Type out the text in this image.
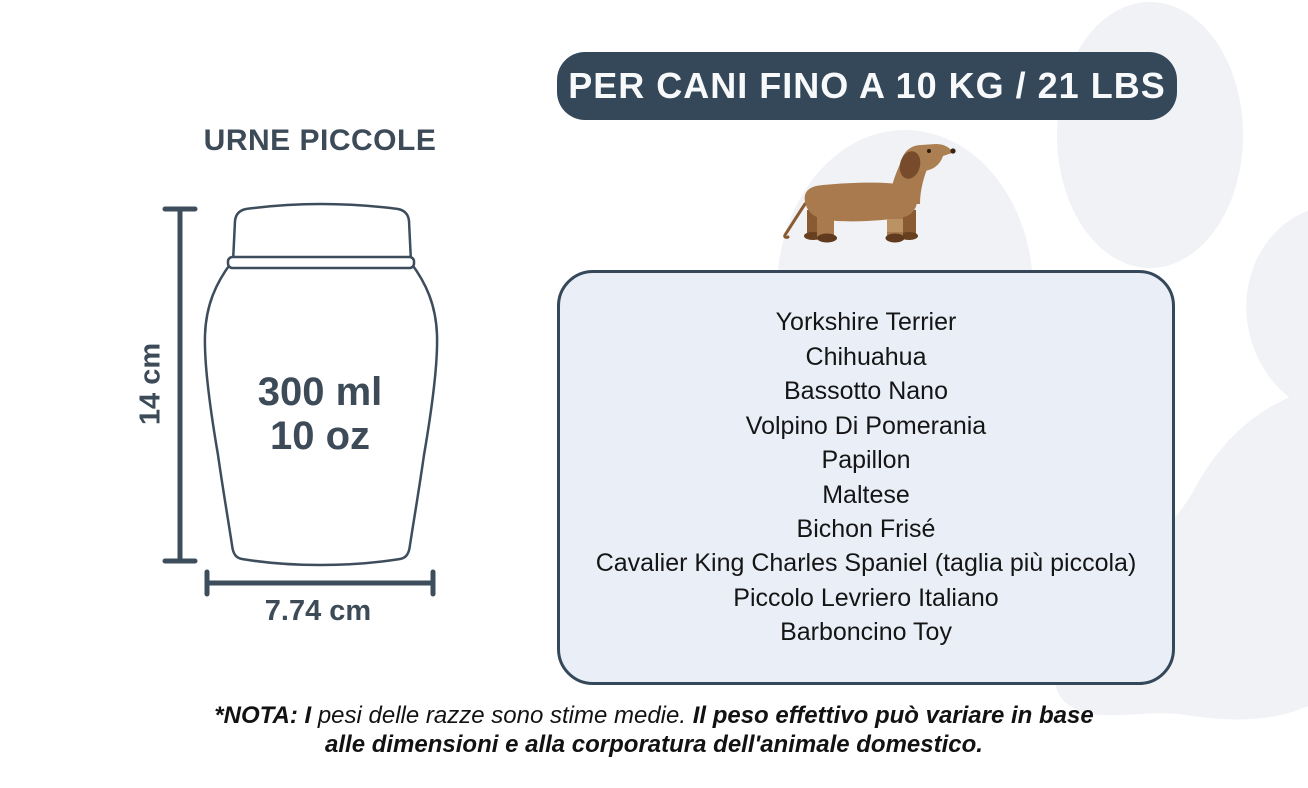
URNE PICCOLE
300 ml
10 oz
14 cm
7.74 cm
PER CANI FINO A 10 KG / 21 LBS
Yorkshire Terrier
Chihuahua
Bassotto Nano
Volpino Di Pomerania
Papillon
Maltese
Bichon Frisé
Cavalier King Charles Spaniel (taglia più piccola)
Piccolo Levriero Italiano
Barboncino Toy
*NOTA: I pesi delle razze sono stime medie. Il peso effettivo può variare in base
alle dimensioni e alla corporatura dell'animale domestico.
